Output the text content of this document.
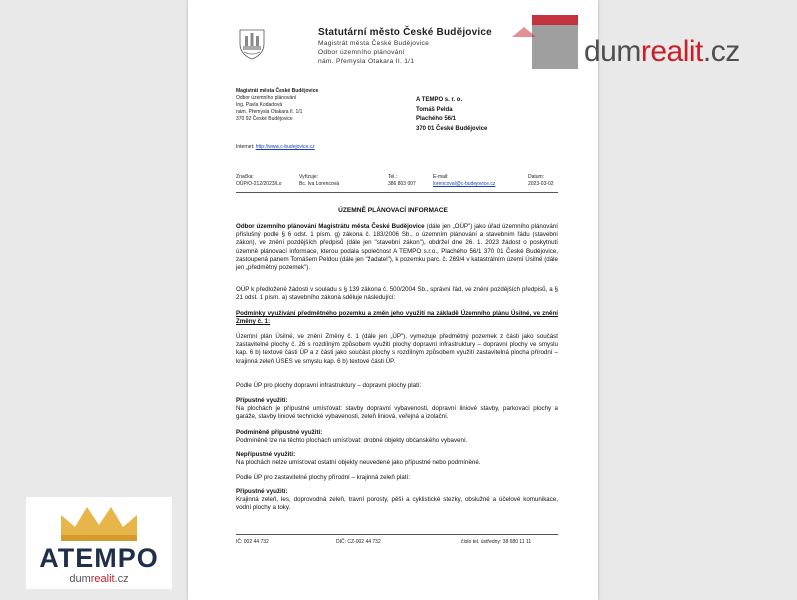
Statutární město České Budějovice
Magistrát města České Budějovice
Odbor územního plánování
nám. Přemysla Otakara II. 1/1
Magistrát města České Budějovice
Odbor územního plánování
Ing. Pavla Kodadová
nám. Přemysla Otakara II. 1/1
370 92 České Budějovice
A TEMPO s. r. o.
Tomáš Pelda
Plachého 56/1
370 01 České Budějovice
Internet: http://www.c-budejovice.cz
Značka:
OÚP/O-212/2023/Lo
Vyřizuje:
Bc. Iva Lorencová
Tel.:
386 803 007
E-mail:
lorencoval@c-budejovice.cz
Datum:
2023-03-02
ÚZEMNĚ PLÁNOVACÍ INFORMACE
Odbor územního plánování Magistrátu města České Budějovice (dále jen „OÚP") jako úřad územního plánování příslušný podle § 6 odst. 1 písm. g) zákona č. 183/2006 Sb., o územním plánování a stavebním řádu (stavební zákon), ve znění pozdějších předpisů (dále jen "stavební zákon"), obdržel dne 26. 1. 2023 žádost o poskytnutí územně plánovací informace, kterou podala společnost A TEMPO s.r.o., Plachého 56/1 370 01 České Budějovice, zastoupená panem Tomášem Peldou (dále jen "žadatel"), k pozemku parc. č. 269/4 v katastrálním území Úsilné (dále jen „předmětný pozemek").
OÚP k předložené žádosti v souladu s § 139 zákona č. 500/2004 Sb., správní řád, ve znění pozdějších předpisů, a § 21 odst. 1 písm. a) stavebního zákona sděluje následující:
Podmínky využívání předmětného pozemku a změn jeho využití na základě Územního plánu Úsilné, ve znění Změny č. 1:
Územní plán Úsilné, ve znění Změny č. 1 (dále jen „ÚP"), vymezuje předmětný pozemek z části jako součást zastavitelné plochy č. 26 s rozdílným způsobem využití plochy dopravní infrastruktury – dopravní plochy ve smyslu kap. 6 b) textové části ÚP a z části jako součást plochy s rozdílným způsobem využití zastavitelná plocha přírodní – krajinná zeleň ÚSES ve smyslu kap. 6 b) textové části ÚP.
Podle ÚP pro plochy dopravní infrastruktury – dopravní plochy platí:
Přípustné využití:
Na plochách je přípustné umísťovat: stavby dopravní vybavenosti, dopravní liniové stavby, parkovací plochy a garáže, stavby liniové technické vybavenosti, zeleň liniová, veřejná a izolační.
Podmíněně přípustné využití:
Podmíněně lze na těchto plochách umísťovat: drobné objekty občanského vybavení.
Nepřípustné využití:
Na plochách nelze umísťovat ostatní objekty neuvedené jako přípustné nebo podmíněné.
Podle ÚP pro zastavitelné plochy přírodní – krajinná zeleň platí:
Přípustné využití:
Krajinná zeleň, les, doprovodná zeleň, travní porosty, pěší a cyklistické stezky, obslužné a účelové komunikace, vodní plochy a toky.
IČ: 002 44 732	DIČ: CZ-002 44 732	číslo tel. ústředny: 38 680 11 11
dumrealit.cz
ATEMPO
dumrealit.cz
